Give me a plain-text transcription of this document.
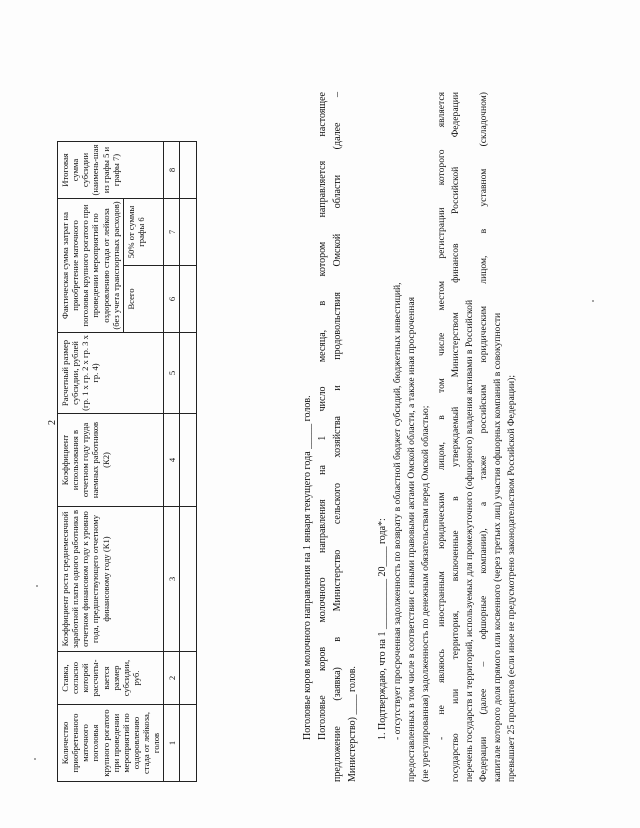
2
Количество приобретенного маточного поголовья крупного рогатого при проведении мероприятий по оздоровлению стада от лейкоза, голов	Ставка, согласно которой рассчиты-вается размер субсидии, руб.	Коэффициент роста среднемесячной заработной платы одного работника в отчетном финансовом году к уровню года, предшествующего отчетному финансовому году (К1)	Коэффициент использования в отчетном году труда наемных работников (К2)	Расчетный размер субсидии, рублей (гр. 1 х гр. 2 х гр. 3 х гр. 4)	Фактическая сумма затрат на приобретение маточного поголовья крупного рогатого при проведении мероприятий по оздоровлению стада от лейкоза (без учета транспортных расходов)		Итоговая сумма субсидии (наимень-шая из графы 5 и графы 7)
					Всего	50% от суммы графы 6	
1	2	3	4	5	6	7	8

Поголовье коров молочного направления на 1 января текущего года _____ голов. Поголовье коров молочного направления на 1 число месяца, в котором направляется настоящее предложение (заявка) в Министерство сельского хозяйства и продовольствия Омской области (далее – Министерство) ____ голов. 1. Подтверждаю, что на 1 __________ 20____ года*: - отсутствует просроченная задолженность по возврату в областной бюджет субсидий, бюджетных инвестиций, предоставленных в том числе в соответствии с иными правовыми актами Омской области, а также иная просроченная (не урегулированная) задолженность по денежным обязательствам перед Омской областью; - не являюсь иностранным юридическим лицом, в том числе местом регистрации которого является государство или территория, включенные в утверждаемый Министерством финансов Российской Федерации перечень государств и территорий, используемых для промежуточного (офшорного) владения активами в Российской Федерации (далее – офшорные компании), а также российским юридическим лицом, в уставном (складочном) капитале которого доля прямого или косвенного (через третьих лиц) участия офшорных компаний в совокупности превышает 25 процентов (если иное не предусмотрено законодательством Российской Федерации);
